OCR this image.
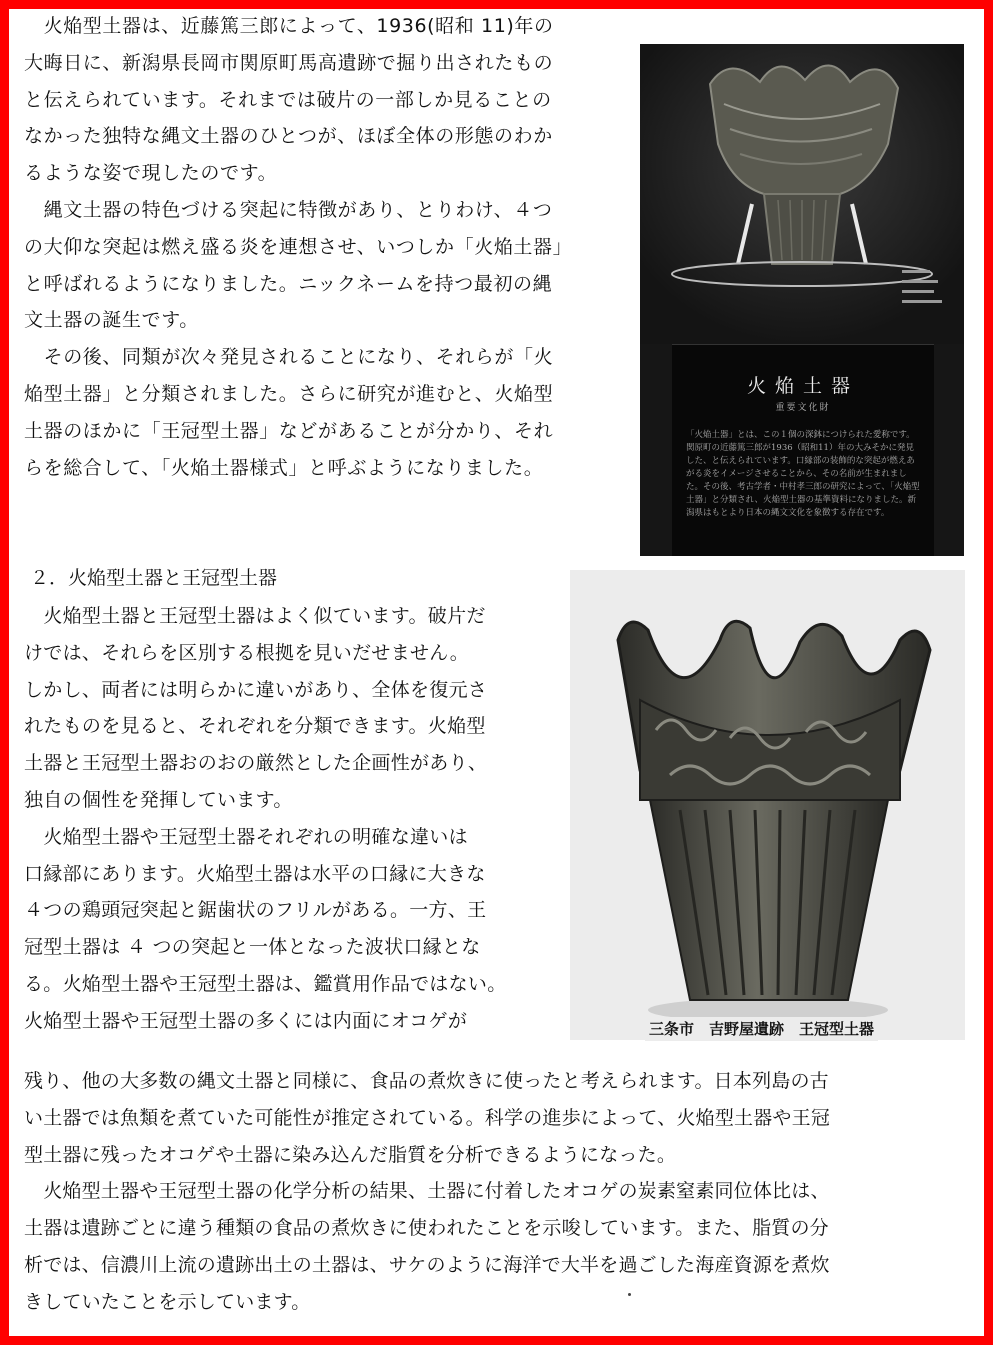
　火焔型土器は、近藤篤三郎によって、1936(昭和 11)年の
大晦日に、新潟県長岡市関原町馬高遺跡で掘り出されたもの
と伝えられています。それまでは破片の一部しか見ることの
なかった独特な縄文土器のひとつが、ほぼ全体の形態のわか
るような姿で現したのです。
　縄文土器の特色づける突起に特徴があり、とりわけ、４つ
の大仰な突起は燃え盛る炎を連想させ、いつしか「火焔土器」
と呼ばれるようになりました。ニックネームを持つ最初の縄
文土器の誕生です。
　その後、同類が次々発見されることになり、それらが「火
焔型土器」と分類されました。さらに研究が進むと、火焔型
土器のほかに「王冠型土器」などがあることが分かり、それ
らを総合して、「火焔土器様式」と呼ぶようになりました。
火焔土器
重要文化財
「火焔土器」とは、この１個の深鉢につけられた愛称です。関原町の近藤篤三郎が1936（昭和11）年の大みそかに発見した、と伝えられています。口縁部の装飾的な突起が燃えあがる炎をイメージさせることから、その名前が生まれました。その後、考古学者・中村孝三郎の研究によって、「火焔型土器」と分類され、火焔型土器の基準資料になりました。新潟県はもとより日本の縄文文化を象徴する存在です。
２．火焔型土器と王冠型土器
　火焔型土器と王冠型土器はよく似ています。破片だ
けでは、それらを区別する根拠を見いだせません。
しかし、両者には明らかに違いがあり、全体を復元さ
れたものを見ると、それぞれを分類できます。火焔型
土器と王冠型土器おのおの厳然とした企画性があり、
独自の個性を発揮しています。
　火焔型土器や王冠型土器それぞれの明確な違いは
口縁部にあります。火焔型土器は水平の口縁に大きな
４つの鶏頭冠突起と鋸歯状のフリルがある。一方、王
冠型土器は ４ つの突起と一体となった波状口縁とな
る。火焔型土器や王冠型土器は、鑑賞用作品ではない。
火焔型土器や王冠型土器の多くには内面にオコゲが	三条市　吉野屋遺跡　王冠型土器
残り、他の大多数の縄文土器と同様に、食品の煮炊きに使ったと考えられます。日本列島の古
い土器では魚類を煮ていた可能性が推定されている。科学の進歩によって、火焔型土器や王冠
型土器に残ったオコゲや土器に染み込んだ脂質を分析できるようになった。
　火焔型土器や王冠型土器の化学分析の結果、土器に付着したオコゲの炭素窒素同位体比は、
土器は遺跡ごとに違う種類の食品の煮炊きに使われたことを示唆しています。また、脂質の分
析では、信濃川上流の遺跡出土の土器は、サケのように海洋で大半を過ごした海産資源を煮炊
きしていたことを示しています。
